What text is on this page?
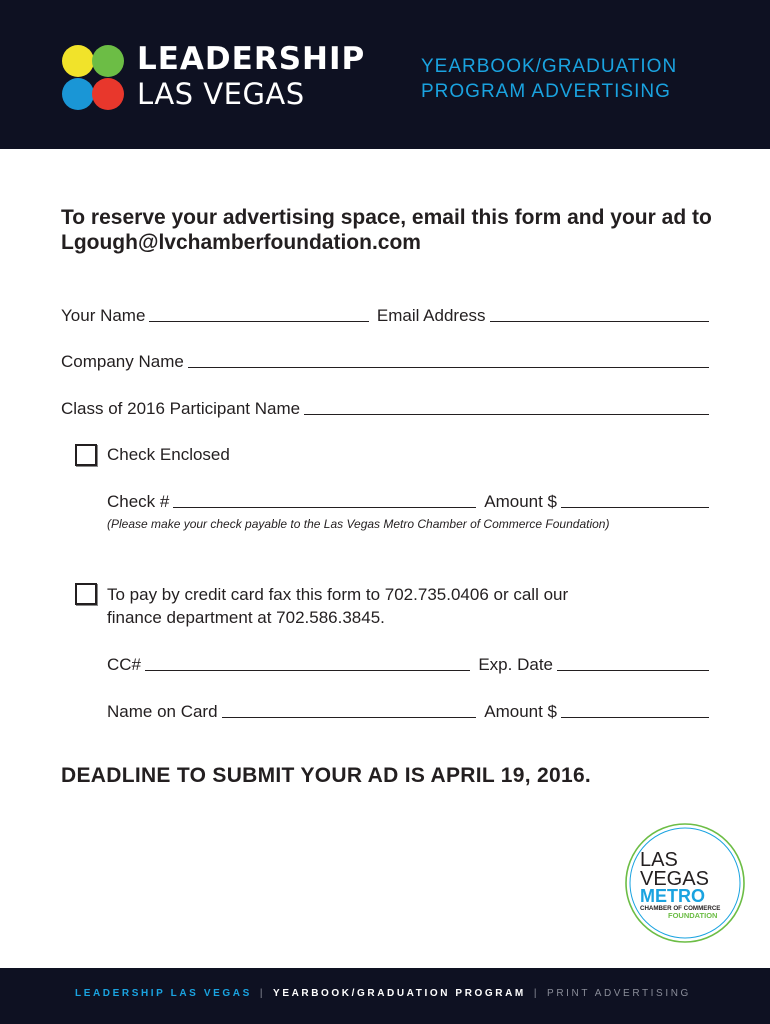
LEADERSHIP
LAS VEGAS
YEARBOOK/GRADUATION
PROGRAM ADVERTISING
To reserve your advertising space, email this form and your ad to Lgough@lvchamberfoundation.com
Your Name	Email Address
Company Name
Class of 2016 Participant Name
Check Enclosed
Check #	Amount $
(Please make your check payable to the Las Vegas Metro Chamber of Commerce Foundation)
To pay by credit card fax this form to 702.735.0406 or call our
finance department at 702.586.3845.
CC#	Exp. Date
Name on Card	Amount $
DEADLINE TO SUBMIT YOUR AD IS APRIL 19, 2016.
LAS
VEGAS
METRO
CHAMBER OF COMMERCE
FOUNDATION
LEADERSHIP LAS VEGAS | YEARBOOK/GRADUATION PROGRAM | PRINT ADVERTISING
